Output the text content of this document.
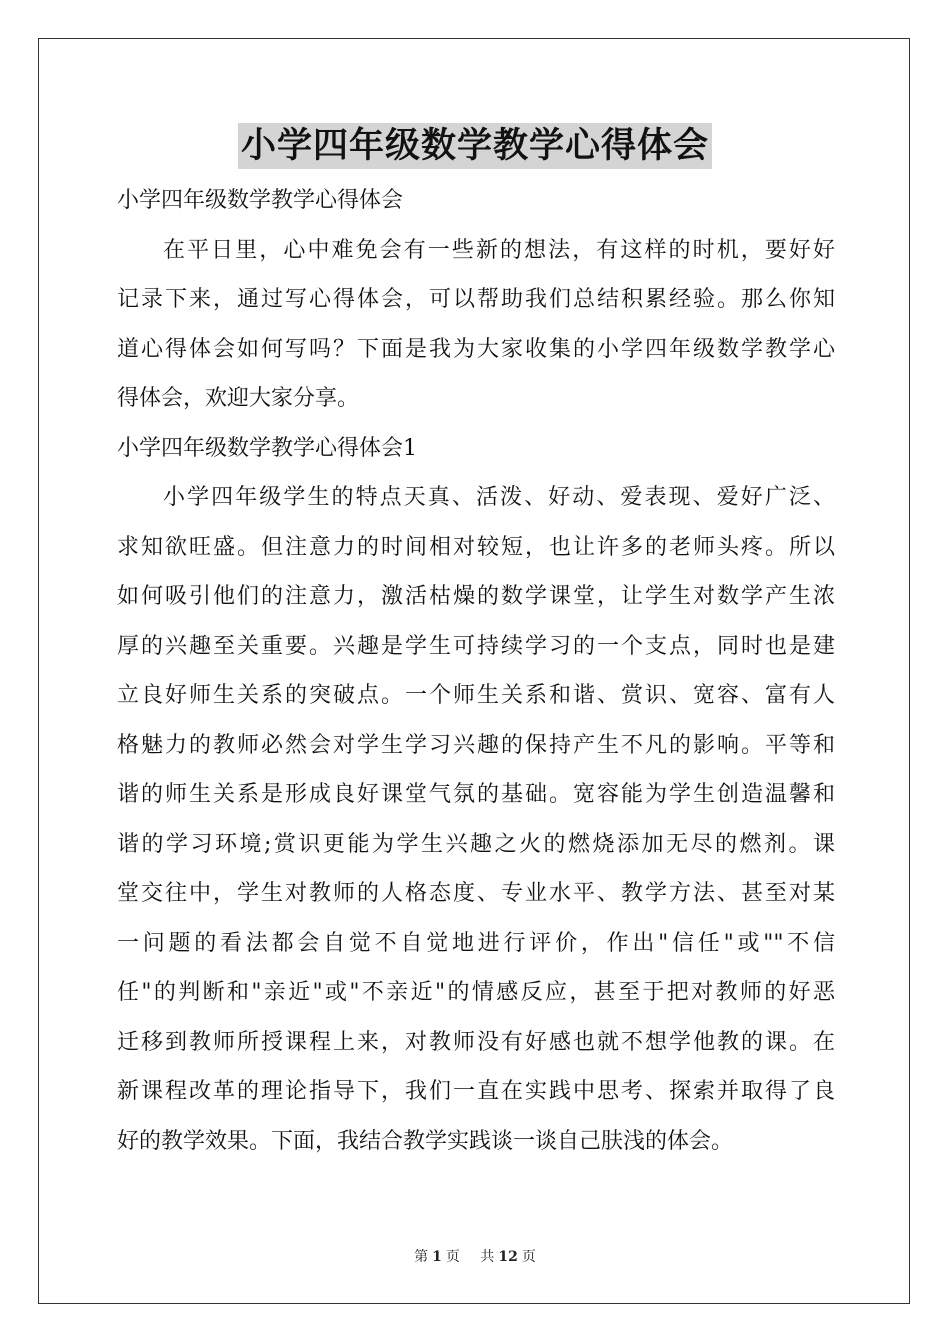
小学四年级数学教学心得体会

小学四年级数学教学心得体会

在平日里，心中难免会有一些新的想法，有这样的时机，要好好

记录下来，通过写心得体会，可以帮助我们总结积累经验。那么你知

道心得体会如何写吗？下面是我为大家收集的小学四年级数学教学心

得体会，欢迎大家分享。

小学四年级数学教学心得体会1

小学四年级学生的特点天真、活泼、好动、爱表现、爱好广泛、

求知欲旺盛。但注意力的时间相对较短，也让许多的老师头疼。所以

如何吸引他们的注意力，激活枯燥的数学课堂，让学生对数学产生浓

厚的兴趣至关重要。兴趣是学生可持续学习的一个支点，同时也是建

立良好师生关系的突破点。一个师生关系和谐、赏识、宽容、富有人

格魅力的教师必然会对学生学习兴趣的保持产生不凡的影响。平等和

谐的师生关系是形成良好课堂气氛的基础。宽容能为学生创造温馨和

谐的学习环境;赏识更能为学生兴趣之火的燃烧添加无尽的燃剂。课

堂交往中，学生对教师的人格态度、专业水平、教学方法、甚至对某

一问题的看法都会自觉不自觉地进行评价，作出"信任"或""不信

任"的判断和"亲近"或"不亲近"的情感反应，甚至于把对教师的好恶

迁移到教师所授课程上来，对教师没有好感也就不想学他教的课。在

新课程改革的理论指导下，我们一直在实践中思考、探索并取得了良

好的教学效果。下面，我结合教学实践谈一谈自己肤浅的体会。

第 1 页 共 12 页
